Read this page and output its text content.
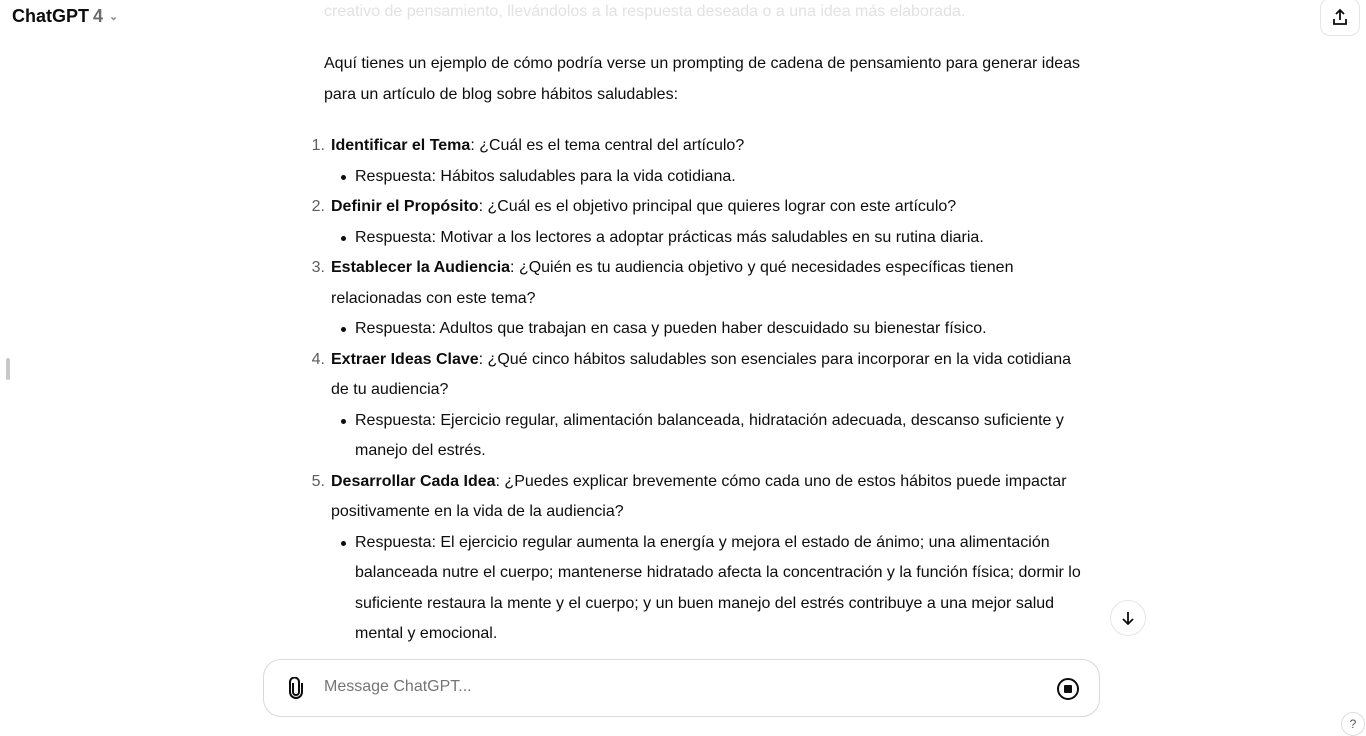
ChatGPT 4 ⌄	creativo de pensamiento, llevándolos a la respuesta deseada o a una idea más elaborada.

Aquí tienes un ejemplo de cómo podría verse un prompting de cadena de pensamiento para generar ideas para un artículo de blog sobre hábitos saludables:

1. Identificar el Tema: ¿Cuál es el tema central del artículo?
Respuesta: Hábitos saludables para la vida cotidiana.
2. Definir el Propósito: ¿Cuál es el objetivo principal que quieres lograr con este artículo?
Respuesta: Motivar a los lectores a adoptar prácticas más saludables en su rutina diaria.
3. Establecer la Audiencia: ¿Quién es tu audiencia objetivo y qué necesidades específicas tienen relacionadas con este tema?
Respuesta: Adultos que trabajan en casa y pueden haber descuidado su bienestar físico.
4. Extraer Ideas Clave: ¿Qué cinco hábitos saludables son esenciales para incorporar en la vida cotidiana de tu audiencia?
Respuesta: Ejercicio regular, alimentación balanceada, hidratación adecuada, descanso suficiente y manejo del estrés.
5. Desarrollar Cada Idea: ¿Puedes explicar brevemente cómo cada uno de estos hábitos puede impactar positivamente en la vida de la audiencia?
Respuesta: El ejercicio regular aumenta la energía y mejora el estado de ánimo; una alimentación balanceada nutre el cuerpo; mantenerse hidratado afecta la concentración y la función física; dormir lo suficiente restaura la mente y el cuerpo; y un buen manejo del estrés contribuye a una mejor salud mental y emocional.
Message ChatGPT...
?
